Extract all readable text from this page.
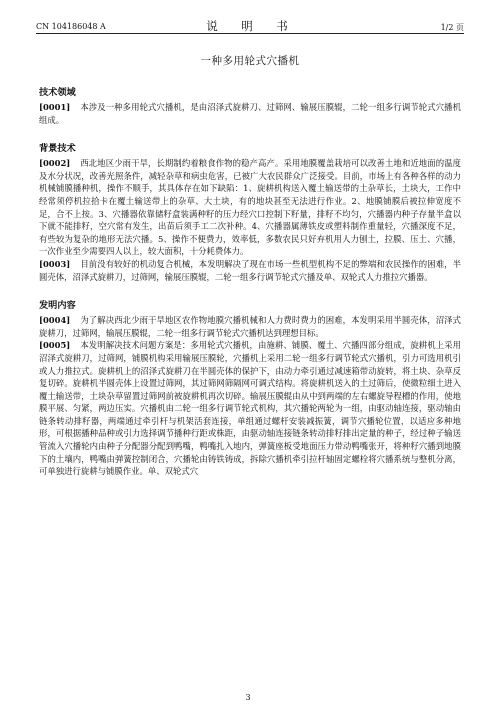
CN 104186048 A	说　明　书	1/2 页
一种多用轮式穴播机
技术领域

[0001] 本涉及一种多用轮式穴播机，是由沼泽式旋耕刀、过筛网、输展压膜辊，二轮一组多行调节轮式穴播机组成。

背景技术

[0002] 西北地区少雨干旱，长期制约着粮食作物的稳产高产。采用地膜覆盖栽培可以改善土地和近地面的温度及水分状况，改善光照条件，减轻杂草和病虫危害，已被广大农民群众广泛接受。目前，市场上有各种各样的动力机械铺膜播种机，操作不顺手，其具体存在如下缺陷：1、旋耕机构送入覆土输送带的土杂草长，土块大，工作中经常须停机拉拾卡在覆土输送带上的杂草、大土块，有的地块甚至无法进行作业。2、地膜铺膜后被拉伸宽度不足，合不上按。3、穴播器依靠储籽盒装满种籽的压力经穴口控制下籽量，排籽不均匀，穴播器内种子存量半盒以下就不能排籽，空穴常有发生，出苗后须手工二次补种。4、穴播器属薄铁皮或塑料制作重量轻，穴播深度不足，有些较为复杂的地形无法穴播。5、操作不便费力，效率低，多数农民只好弃机用人力刨土，拉膜、压土、穴播，一次作业至少需要四人以上，较大面积，十分耗费体力。

[0003] 目前没有较好的机动复合机械，本发明解决了现在市场一些机型机构不足的弊端和农民操作的困难，半圆壳体，沼泽式旋耕刀，过筛网，输展压膜辊，二轮一组多行调节轮式穴播及单、双轮式人力推拉穴播器。

发明内容

[0004] 为了解决西北少雨干旱地区农作物地膜穴播机械和人力费时费力的困难，本发明采用半圆壳体，沼泽式旋耕刀，过筛网，输展压膜辊，二轮一组多行调节轮式穴播机达到理想目标。

[0005] 本发明解决技术问题方案是：多用轮式穴播机，由施耕、铺膜、覆土、穴播四部分组成，旋耕机上采用沼泽式旋耕刀，过筛网，铺膜机构采用输展压膜轮，穴播机上采用二轮一组多行调节轮式穴播机，引力可选用机引或人力推拉式。旋耕机上的沼泽式旋耕刀在半圆壳体的保护下，由动力牵引通过减速箱带动旋转，将土块、杂草反复切碎。旋耕机半圆壳体上设置过筛网，其过筛网筛隔网可调式结构。将旋耕机送入的土过筛后，使微粒细土进入覆土输送带，土块杂草留置过筛网前被旋耕机再次切碎。输展压膜辊由从中到两端的左右螺旋导程槽的作用，使地膜平展、匀紧，两边压实。穴播机由二轮一组多行调节轮式机构，其穴播轮两轮为一组，由驱动轴连接，驱动轴由链条转动排籽器，两端通过牵引杆与机架活套连接，单组通过螺杆安装减振簧，调节穴播轮位置，以适应多种地形，可根据播种品种或引力选择调节播种行距或株距，由驱动轴连接链条转动排籽排出定量的种子，经过种子输送管流入穴播轮内由种子分配器分配到鸭嘴，鸭嘴扎入地内，弹簧座板受地面压力带动鸭嘴张开，将种籽穴播到地膜下的土壤内，鸭嘴由弹簧控制闭合，穴播轮由铸铁铸成，拆除穴播机牵引拉杆轴固定螺栓将穴播系统与整机分离，可单独进行旋耕与铺膜作业。单、双轮式穴

3
